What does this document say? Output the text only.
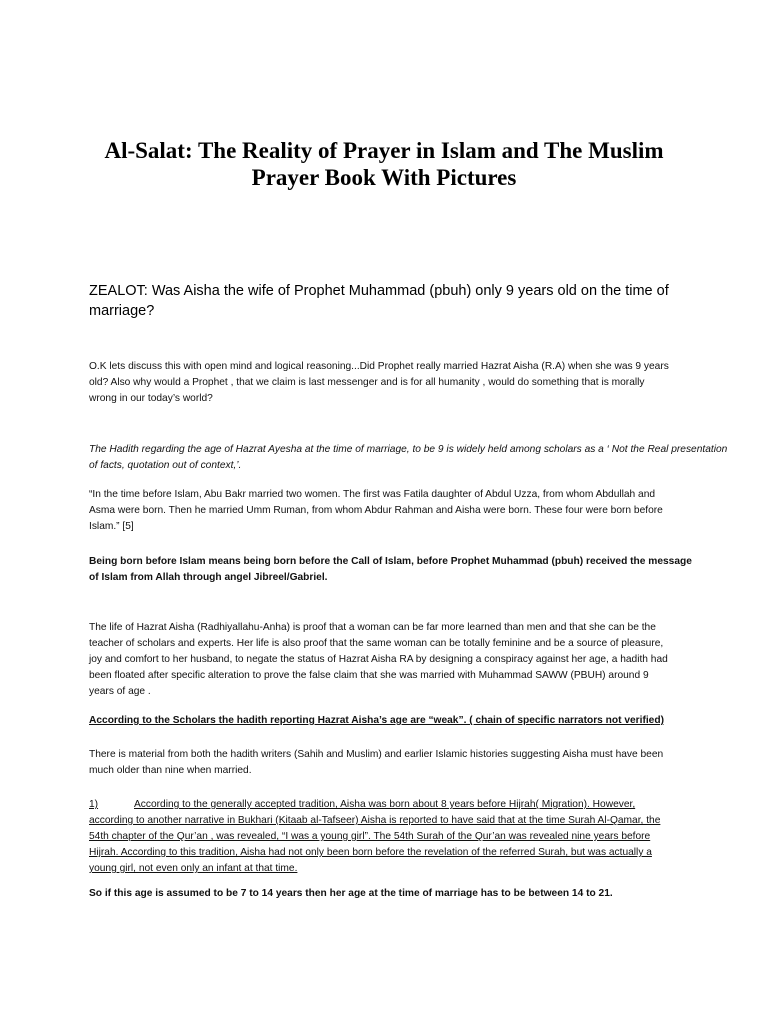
Al-Salat: The Reality of Prayer in Islam and The Muslim
Prayer Book With Pictures
ZEALOT: Was Aisha the wife of Prophet Muhammad (pbuh) only 9 years old on the time of
marriage?
O.K lets discuss this with open mind and logical reasoning...Did Prophet really married Hazrat Aisha (R.A) when she was 9 years
old? Also why would a Prophet , that we claim is last messenger and is for all humanity , would do something that is morally
wrong in our today’s world?
The Hadith regarding the age of Hazrat Ayesha at the time of marriage, to be 9 is widely held among scholars as a ‘ Not the Real presentation
of facts, quotation out of context,’.
“In the time before Islam, Abu Bakr married two women. The first was Fatila daughter of Abdul Uzza, from whom Abdullah and
Asma were born. Then he married Umm Ruman, from whom Abdur Rahman and Aisha were born. These four were born before
Islam.” [5]
Being born before Islam means being born before the Call of Islam, before Prophet Muhammad (pbuh) received the message
of Islam from Allah through angel Jibreel/Gabriel.
The life of Hazrat Aisha (Radhiyallahu-Anha) is proof that a woman can be far more learned than men and that she can be the
teacher of scholars and experts. Her life is also proof that the same woman can be totally feminine and be a source of pleasure,
joy and comfort to her husband, to negate the status of Hazrat Aisha RA by designing a conspiracy against her age, a hadith had
been floated after specific alteration to prove the false claim that she was married with Muhammad SAWW (PBUH) around 9
years of age .
According to the Scholars the hadith reporting Hazrat Aisha’s age are “weak”. ( chain of specific narrators not verified)
There is material from both the hadith writers (Sahih and Muslim) and earlier Islamic histories suggesting Aisha must have been
much older than nine when married.
1)	According to the generally accepted tradition, Aisha was born about 8 years before Hijrah( Migration). However,
according to another narrative in Bukhari (Kitaab al-Tafseer) Aisha is reported to have said that at the time Surah Al-Qamar, the
54th chapter of the Qur’an , was revealed, “I was a young girl”. The 54th Surah of the Qur’an was revealed nine years before
Hijrah. According to this tradition, Aisha had not only been born before the revelation of the referred Surah, but was actually a
young girl, not even only an infant at that time.
So if this age is assumed to be 7 to 14 years then her age at the time of marriage has to be between 14 to 21.
